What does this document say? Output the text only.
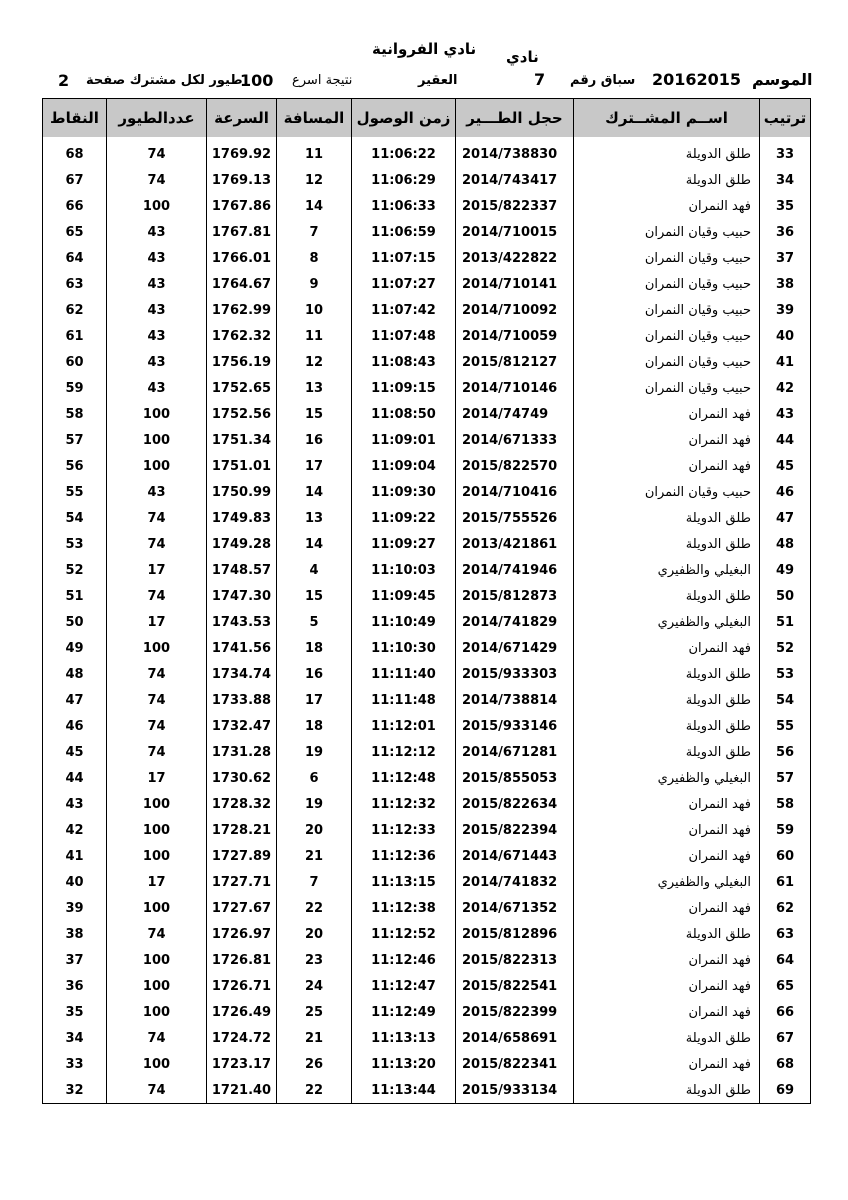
نادي
نادي الفروانية
الموسم
20162015
سباق رقم
7
العقير
نتيجة اسرع
100
طيور لكل مشترك صفحة
2
النقاط	عددالطيور	السرعة	المسافة	زمن الوصول	حجل الطـــير	اســم المشــترك	ترتيب

68	74	1769.92	11	11:06:22	2014/738830	طلق الدويلة	33
67	74	1769.13	12	11:06:29	2014/743417	طلق الدويلة	34
66	100	1767.86	14	11:06:33	2015/822337	فهد النمران	35
65	43	1767.81	7	11:06:59	2014/710015	حبيب وقيان النمران	36
64	43	1766.01	8	11:07:15	2013/422822	حبيب وقيان النمران	37
63	43	1764.67	9	11:07:27	2014/710141	حبيب وقيان النمران	38
62	43	1762.99	10	11:07:42	2014/710092	حبيب وقيان النمران	39
61	43	1762.32	11	11:07:48	2014/710059	حبيب وقيان النمران	40
60	43	1756.19	12	11:08:43	2015/812127	حبيب وقيان النمران	41
59	43	1752.65	13	11:09:15	2014/710146	حبيب وقيان النمران	42
58	100	1752.56	15	11:08:50	2014/74749	فهد النمران	43
57	100	1751.34	16	11:09:01	2014/671333	فهد النمران	44
56	100	1751.01	17	11:09:04	2015/822570	فهد النمران	45
55	43	1750.99	14	11:09:30	2014/710416	حبيب وقيان النمران	46
54	74	1749.83	13	11:09:22	2015/755526	طلق الدويلة	47
53	74	1749.28	14	11:09:27	2013/421861	طلق الدويلة	48
52	17	1748.57	4	11:10:03	2014/741946	البغيلي والظفيري	49
51	74	1747.30	15	11:09:45	2015/812873	طلق الدويلة	50
50	17	1743.53	5	11:10:49	2014/741829	البغيلي والظفيري	51
49	100	1741.56	18	11:10:30	2014/671429	فهد النمران	52
48	74	1734.74	16	11:11:40	2015/933303	طلق الدويلة	53
47	74	1733.88	17	11:11:48	2014/738814	طلق الدويلة	54
46	74	1732.47	18	11:12:01	2015/933146	طلق الدويلة	55
45	74	1731.28	19	11:12:12	2014/671281	طلق الدويلة	56
44	17	1730.62	6	11:12:48	2015/855053	البغيلي والظفيري	57
43	100	1728.32	19	11:12:32	2015/822634	فهد النمران	58
42	100	1728.21	20	11:12:33	2015/822394	فهد النمران	59
41	100	1727.89	21	11:12:36	2014/671443	فهد النمران	60
40	17	1727.71	7	11:13:15	2014/741832	البغيلي والظفيري	61
39	100	1727.67	22	11:12:38	2014/671352	فهد النمران	62
38	74	1726.97	20	11:12:52	2015/812896	طلق الدويلة	63
37	100	1726.81	23	11:12:46	2015/822313	فهد النمران	64
36	100	1726.71	24	11:12:47	2015/822541	فهد النمران	65
35	100	1726.49	25	11:12:49	2015/822399	فهد النمران	66
34	74	1724.72	21	11:13:13	2014/658691	طلق الدويلة	67
33	100	1723.17	26	11:13:20	2015/822341	فهد النمران	68
32	74	1721.40	22	11:13:44	2015/933134	طلق الدويلة	69
